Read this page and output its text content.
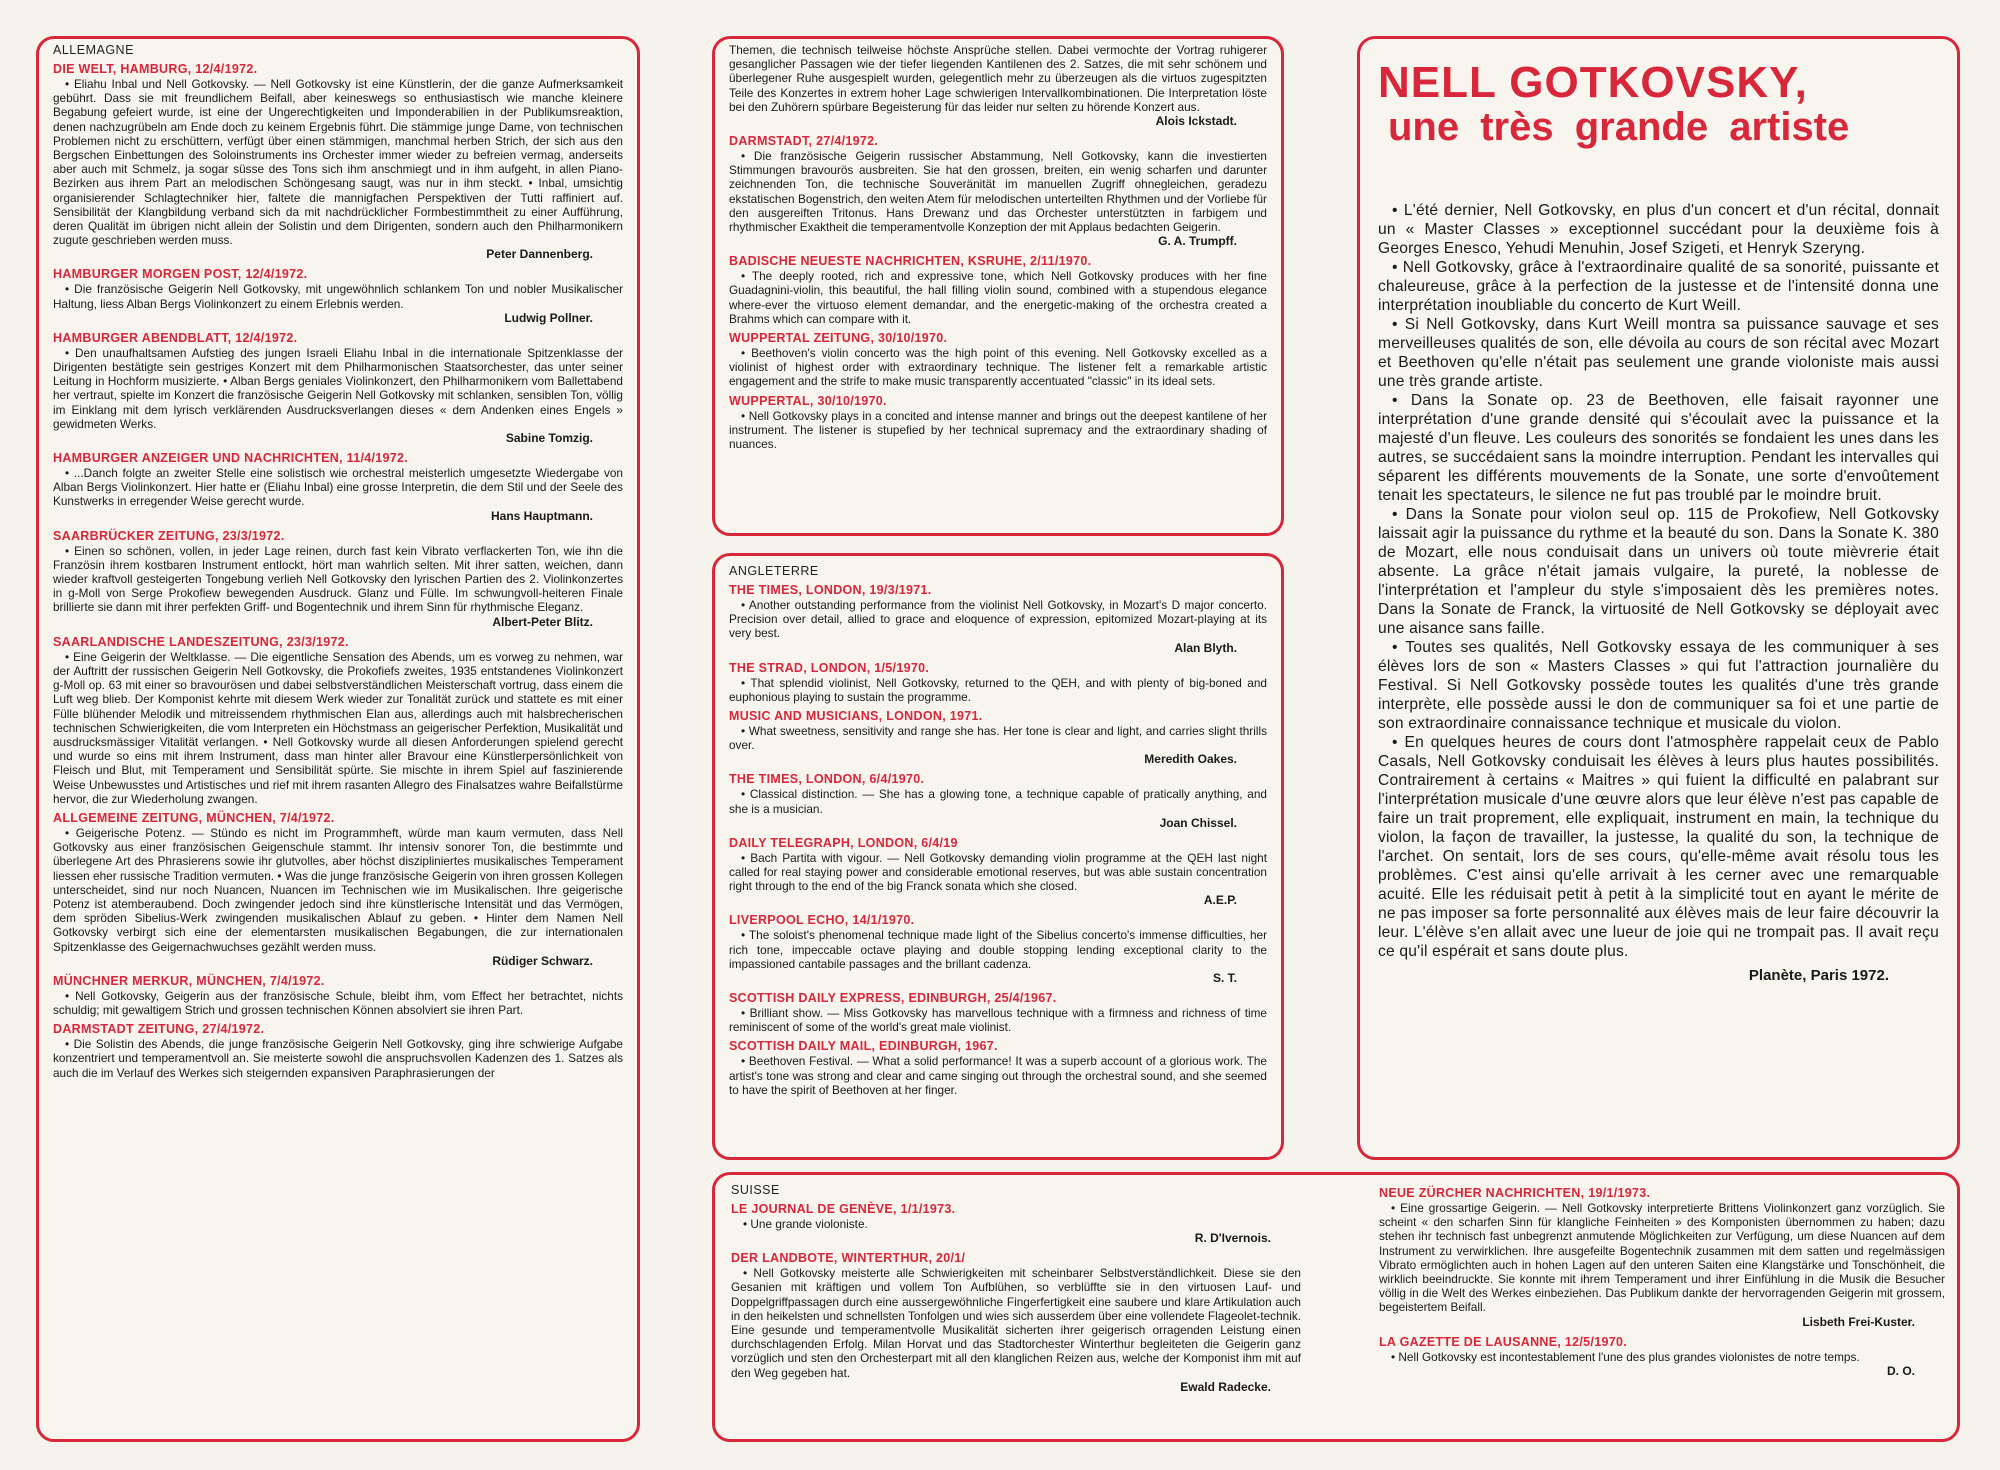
ALLEMAGNE
DIE WELT, HAMBURG, 12/4/1972.

• Eliahu Inbal und Nell Gotkovsky. — Nell Gotkovsky ist eine Künstlerin, der die ganze Aufmerksamkeit gebührt. Dass sie mit freundlichem Beifall, aber keineswegs so enthusiastisch wie manche kleinere Begabung gefeiert wurde, ist eine der Ungerechtigkeiten und Imponderabilien in der Publikumsreaktion, denen nachzugrübeln am Ende doch zu keinem Ergebnis führt. Die stämmige junge Dame, von technischen Problemen nicht zu erschüttern, verfügt über einen stämmigen, manchmal herben Strich, der sich aus den Bergschen Einbettungen des Soloinstruments ins Orchester immer wieder zu befreien vermag, anderseits aber auch mit Schmelz, ja sogar süsse des Tons sich ihm anschmiegt und in ihm aufgeht, in allen Piano-Bezirken aus ihrem Part an melodischen Schöngesang saugt, was nur in ihm steckt. • Inbal, umsichtig organisierender Schlagtechniker hier, faltete die mannigfachen Perspektiven der Tutti raffiniert auf. Sensibilität der Klangbildung verband sich da mit nachdrücklicher Formbestimmtheit zu einer Aufführung, deren Qualität im übrigen nicht allein der Solistin und dem Dirigenten, sondern auch den Philharmonikern zugute geschrieben werden muss.

Peter Dannenberg.
HAMBURGER MORGEN POST, 12/4/1972.

• Die französische Geigerin Nell Gotkovsky, mit ungewöhnlich schlankem Ton und nobler Musikalischer Haltung, liess Alban Bergs Violinkonzert zu einem Erlebnis werden.

Ludwig Pollner.
HAMBURGER ABENDBLATT, 12/4/1972.

• Den unaufhaltsamen Aufstieg des jungen Israeli Eliahu Inbal in die internationale Spitzenklasse der Dirigenten bestätigte sein gestriges Konzert mit dem Philharmonischen Staatsorchester, das unter seiner Leitung in Hochform musizierte. • Alban Bergs geniales Violinkonzert, den Philharmonikern vom Ballettabend her vertraut, spielte im Konzert die französische Geigerin Nell Gotkovsky mit schlanken, sensiblen Ton, völlig im Einklang mit dem lyrisch verklärenden Ausdrucksverlangen dieses « dem Andenken eines Engels » gewidmeten Werks.

Sabine Tomzig.
HAMBURGER ANZEIGER UND NACHRICHTEN, 11/4/1972.

• ...Danch folgte an zweiter Stelle eine solistisch wie orchestral meisterlich umgesetzte Wiedergabe von Alban Bergs Violinkonzert. Hier hatte er (Eliahu Inbal) eine grosse Interpretin, die dem Stil und der Seele des Kunstwerks in erregender Weise gerecht wurde.

Hans Hauptmann.
SAARBRÜCKER ZEITUNG, 23/3/1972.

• Einen so schönen, vollen, in jeder Lage reinen, durch fast kein Vibrato verflackerten Ton, wie ihn die Französin ihrem kostbaren Instrument entlockt, hört man wahrlich selten. Mit ihrer satten, weichen, dann wieder kraftvoll gesteigerten Tongebung verlieh Nell Gotkovsky den lyrischen Partien des 2. Violinkonzertes in g-Moll von Serge Prokofiew bewegenden Ausdruck. Glanz und Fülle. Im schwungvoll-heiteren Finale brillierte sie dann mit ihrer perfekten Griff- und Bogentechnik und ihrem Sinn für rhythmische Eleganz.

Albert-Peter Blitz.
SAARLANDISCHE LANDESZEITUNG, 23/3/1972.

• Eine Geigerin der Weltklasse. — Die eigentliche Sensation des Abends, um es vorweg zu nehmen, war der Auftritt der russischen Geigerin Nell Gotkovsky, die Prokofiefs zweites, 1935 entstandenes Violinkonzert g-Moll op. 63 mit einer so bravourösen und dabei selbstverständlichen Meisterschaft vortrug, dass einem die Luft weg blieb. Der Komponist kehrte mit diesem Werk wieder zur Tonalität zurück und stattete es mit einer Fülle blühender Melodik und mitreissendem rhythmischen Elan aus, allerdings auch mit halsbrecherischen technischen Schwierigkeiten, die vom Interpreten ein Höchstmass an geigerischer Perfektion, Musikalität und ausdrucksmässiger Vitalität verlangen. • Nell Gotkovsky wurde all diesen Anforderungen spielend gerecht und wurde so eins mit ihrem Instrument, dass man hinter aller Bravour eine Künstlerpersönlichkeit von Fleisch und Blut, mit Temperament und Sensibilität spürte. Sie mischte in ihrem Spiel auf faszinierende Weise Unbewusstes und Artistisches und rief mit ihrem rasanten Allegro des Finalsatzes wahre Beifallstürme hervor, die zur Wiederholung zwangen.

ALLGEMEINE ZEITUNG, MÜNCHEN, 7/4/1972.

• Geigerische Potenz. — Stündo es nicht im Programmheft, würde man kaum vermuten, dass Nell Gotkovsky aus einer französischen Geigenschule stammt. Ihr intensiv sonorer Ton, die bestimmte und überlegene Art des Phrasierens sowie ihr glutvolles, aber höchst diszipliniertes musikalisches Temperament liessen eher russische Tradition vermuten. • Was die junge französische Geigerin von ihren grossen Kollegen unterscheidet, sind nur noch Nuancen, Nuancen im Technischen wie im Musikalischen. Ihre geigerische Potenz ist atemberaubend. Doch zwingender jedoch sind ihre künstlerische Intensität und das Vermögen, dem spröden Sibelius-Werk zwingenden musikalischen Ablauf zu geben. • Hinter dem Namen Nell Gotkovsky verbirgt sich eine der elementarsten musikalischen Begabungen, die zur internationalen Spitzenklasse des Geigernachwuchses gezählt werden muss.

Rüdiger Schwarz.
MÜNCHNER MERKUR, MÜNCHEN, 7/4/1972.

• Nell Gotkovsky, Geigerin aus der französische Schule, bleibt ihm, vom Effect her betrachtet, nichts schuldig; mit gewaltigem Strich und grossen technischen Können absolviert sie ihren Part.

DARMSTADT ZEITUNG, 27/4/1972.

• Die Solistin des Abends, die junge französische Geigerin Nell Gotkovsky, ging ihre schwierige Aufgabe konzentriert und temperamentvoll an. Sie meisterte sowohl die anspruchsvollen Kadenzen des 1. Satzes als auch die im Verlauf des Werkes sich steigernden expansiven Paraphrasierungen der

Themen, die technisch teilweise höchste Ansprüche stellen. Dabei vermochte der Vortrag ruhigerer gesanglicher Passagen wie der tiefer liegenden Kantilenen des 2. Satzes, die mit sehr schönem und überlegener Ruhe ausgespielt wurden, gelegentlich mehr zu überzeugen als die virtuos zugespitzten Teile des Konzertes in extrem hoher Lage schwierigen Intervallkombinationen. Die Interpretation löste bei den Zuhörern spürbare Begeisterung für das leider nur selten zu hörende Konzert aus.

Alois Ickstadt.
DARMSTADT, 27/4/1972.

• Die französische Geigerin russischer Abstammung, Nell Gotkovsky, kann die investierten Stimmungen bravourös ausbreiten. Sie hat den grossen, breiten, ein wenig scharfen und darunter zeichnenden Ton, die technische Souveränität im manuellen Zugriff ohnegleichen, geradezu ekstatischen Bogenstrich, den weiten Atem für melodischen unterteilten Rhythmen und der Vorliebe für den ausgereiften Tritonus. Hans Drewanz und das Orchester unterstützten in farbigem und rhythmischer Exaktheit die temperamentvolle Konzeption der mit Applaus bedachten Geigerin.

G. A. Trumpff.
BADISCHE NEUESTE NACHRICHTEN, KSRUHE, 2/11/1970.

• The deeply rooted, rich and expressive tone, which Nell Gotkovsky produces with her fine Guadagnini-violin, this beautiful, the hall filling violin sound, combined with a stupendous elegance where-ever the virtuoso element demandar, and the energetic-making of the orchestra created a Brahms which can compare with it.

WUPPERTAL ZEITUNG, 30/10/1970.

• Beethoven's violin concerto was the high point of this evening. Nell Gotkovsky excelled as a violinist of highest order with extraordinary technique. The listener felt a remarkable artistic engagement and the strife to make music transparently accentuated "classic" in its ideal sets.

WUPPERTAL, 30/10/1970.

• Nell Gotkovsky plays in a concited and intense manner and brings out the deepest kantilene of her instrument. The listener is stupefied by her technical supremacy and the extraordinary shading of nuances.

ANGLETERRE
THE TIMES, LONDON, 19/3/1971.

• Another outstanding performance from the violinist Nell Gotkovsky, in Mozart's D major concerto. Precision over detail, allied to grace and eloquence of expression, epitomized Mozart-playing at its very best.

Alan Blyth.
THE STRAD, LONDON, 1/5/1970.

• That splendid violinist, Nell Gotkovsky, returned to the QEH, and with plenty of big-boned and euphonious playing to sustain the programme.

MUSIC AND MUSICIANS, LONDON, 1971.

• What sweetness, sensitivity and range she has. Her tone is clear and light, and carries slight thrills over.

Meredith Oakes.
THE TIMES, LONDON, 6/4/1970.

• Classical distinction. — She has a glowing tone, a technique capable of pratically anything, and she is a musician.

Joan Chissel.
DAILY TELEGRAPH, LONDON, 6/4/19

• Bach Partita with vigour. — Nell Gotkovsky demanding violin programme at the QEH last night called for real staying power and considerable emotional reserves, but was able sustain concentration right through to the end of the big Franck sonata which she closed.

A.E.P.
LIVERPOOL ECHO, 14/1/1970.

• The soloist's phenomenal technique made light of the Sibelius concerto's immense difficulties, her rich tone, impeccable octave playing and double stopping lending exceptional clarity to the impassioned cantabile passages and the brillant cadenza.

S. T.
SCOTTISH DAILY EXPRESS, EDINBURGH, 25/4/1967.

• Brilliant show. — Miss Gotkovsky has marvellous technique with a firmness and richness of time reminiscent of some of the world's great male violinist.

SCOTTISH DAILY MAIL, EDINBURGH, 1967.

• Beethoven Festival. — What a solid performance! It was a superb account of a glorious work. The artist's tone was strong and clear and came singing out through the orchestral sound, and she seemed to have the spirit of Beethoven at her finger.

NELL GOTKOVSKY,
une très grande artiste

• L'été dernier, Nell Gotkovsky, en plus d'un concert et d'un récital, donnait un « Master Classes » exceptionnel succédant pour la deuxième fois à Georges Enesco, Yehudi Menuhin, Josef Szigeti, et Henryk Szeryng.

• Nell Gotkovsky, grâce à l'extraordinaire qualité de sa sonorité, puissante et chaleureuse, grâce à la perfection de la justesse et de l'intensité donna une interprétation inoubliable du concerto de Kurt Weill.

• Si Nell Gotkovsky, dans Kurt Weill montra sa puissance sauvage et ses merveilleuses qualités de son, elle dévoila au cours de son récital avec Mozart et Beethoven qu'elle n'était pas seulement une grande violoniste mais aussi une très grande artiste.

• Dans la Sonate op. 23 de Beethoven, elle faisait rayonner une interprétation d'une grande densité qui s'écoulait avec la puissance et la majesté d'un fleuve. Les couleurs des sonorités se fondaient les unes dans les autres, se succédaient sans la moindre interruption. Pendant les intervalles qui séparent les différents mouvements de la Sonate, une sorte d'envoûtement tenait les spectateurs, le silence ne fut pas troublé par le moindre bruit.

• Dans la Sonate pour violon seul op. 115 de Prokofiew, Nell Gotkovsky laissait agir la puissance du rythme et la beauté du son. Dans la Sonate K. 380 de Mozart, elle nous conduisait dans un univers où toute mièvrerie était absente. La grâce n'était jamais vulgaire, la pureté, la noblesse de l'interprétation et l'ampleur du style s'imposaient dès les premières notes. Dans la Sonate de Franck, la virtuosité de Nell Gotkovsky se déployait avec une aisance sans faille.

• Toutes ses qualités, Nell Gotkovsky essaya de les communiquer à ses élèves lors de son « Masters Classes » qui fut l'attraction journalière du Festival. Si Nell Gotkovsky possède toutes les qualités d'une très grande interprète, elle possède aussi le don de communiquer sa foi et une partie de son extraordinaire connaissance technique et musicale du violon.

• En quelques heures de cours dont l'atmosphère rappelait ceux de Pablo Casals, Nell Gotkovsky conduisait les élèves à leurs plus hautes possibilités. Contrairement à certains « Maitres » qui fuient la difficulté en palabrant sur l'interprétation musicale d'une œuvre alors que leur élève n'est pas capable de faire un trait proprement, elle expliquait, instrument en main, la technique du violon, la façon de travailler, la justesse, la qualité du son, la technique de l'archet. On sentait, lors de ses cours, qu'elle-même avait résolu tous les problèmes. C'est ainsi qu'elle arrivait à les cerner avec une remarquable acuité. Elle les réduisait petit à petit à la simplicité tout en ayant le mérite de ne pas imposer sa forte personnalité aux élèves mais de leur faire découvrir la leur. L'élève s'en allait avec une lueur de joie qui ne trompait pas. Il avait reçu ce qu'il espérait et sans doute plus.

Planète, Paris 1972.
SUISSE
LE JOURNAL DE GENÈVE, 1/1/1973.

• Une grande violoniste.

R. D'Ivernois.
DER LANDBOTE, WINTERTHUR, 20/1/

• Nell Gotkovsky meisterte alle Schwierigkeiten mit scheinbarer Selbstverständlichkeit. Diese sie den Gesanien mit kräftigen und vollem Ton Aufblühen, so verblüffte sie in den virtuosen Lauf- und Doppelgriffpassagen durch eine aussergewöhnliche Fingerfertigkeit eine saubere und klare Artikulation auch in den heikelsten und schnellsten Tonfolgen und wies sich ausserdem über eine vollendete Flageolet-technik. Eine gesunde und temperamentvolle Musikalität sicherten ihrer geigerisch orragenden Leistung einen durchschlagenden Erfolg. Milan Horvat und das Stadtorchester Winterthur begleiteten die Geigerin ganz vorzüglich und sten den Orchesterpart mit all den klanglichen Reizen aus, welche der Komponist ihm mit auf den Weg gegeben hat.

Ewald Radecke.
NEUE ZÜRCHER NACHRICHTEN, 19/1/1973.

• Eine grossartige Geigerin. — Nell Gotkovsky interpretierte Brittens Violinkonzert ganz vorzüglich. Sie scheint « den scharfen Sinn für klangliche Feinheiten » des Komponisten übernommen zu haben; dazu stehen ihr technisch fast unbegrenzt anmutende Möglichkeiten zur Verfügung, um diese Nuancen auf dem Instrument zu verwirklichen. Ihre ausgefeilte Bogentechnik zusammen mit dem satten und regelmässigen Vibrato ermöglichten auch in hohen Lagen auf den unteren Saiten eine Klangstärke und Tonschönheit, die wirklich beeindruckte. Sie konnte mit ihrem Temperament und ihrer Einfühlung in die Musik die Besucher völlig in die Welt des Werkes einbeziehen. Das Publikum dankte der hervorragenden Geigerin mit grossem, begeistertem Beifall.

Lisbeth Frei-Kuster.
LA GAZETTE DE LAUSANNE, 12/5/1970.

• Nell Gotkovsky est incontestablement l'une des plus grandes violonistes de notre temps.

D. O.
